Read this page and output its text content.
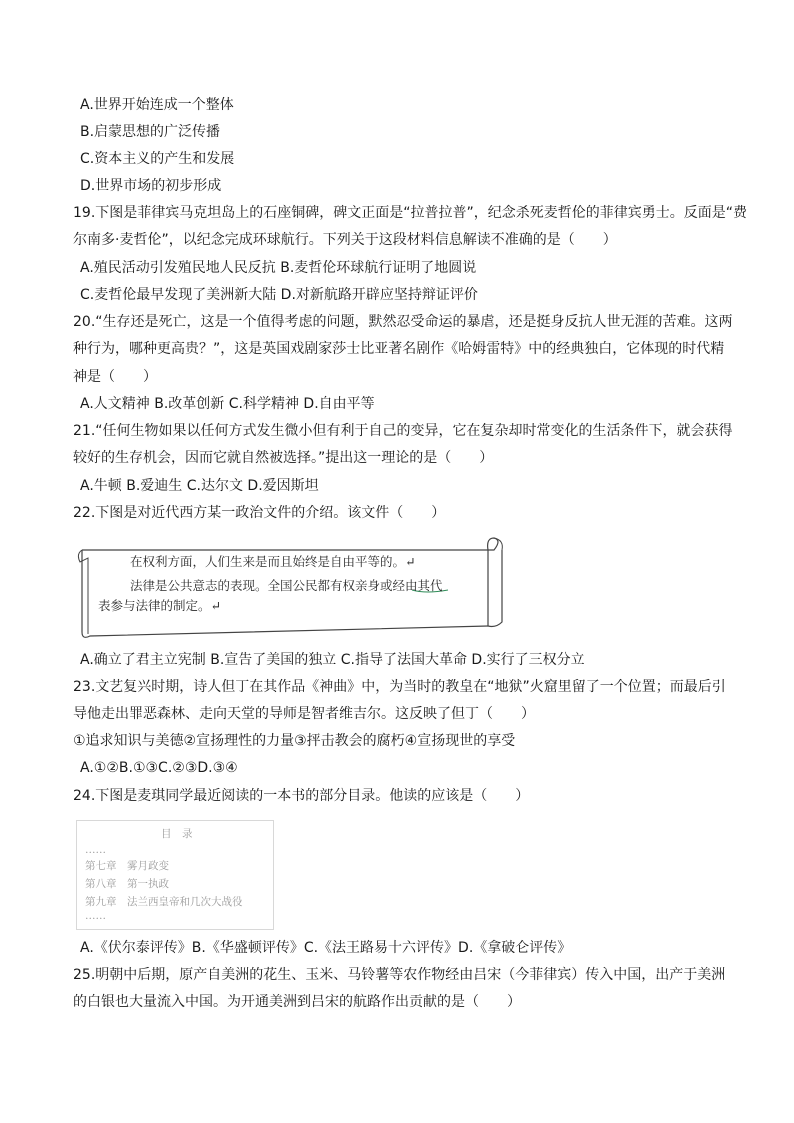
A.世界开始连成一个整体
B.启蒙思想的广泛传播
C.资本主义的产生和发展
D.世界市场的初步形成
19.下图是菲律宾马克坦岛上的石座铜碑，碑文正面是“拉普拉普”，纪念杀死麦哲伦的菲律宾勇士。反面是“费
尔南多·麦哲伦”，以纪念完成环球航行。下列关于这段材料信息解读不准确的是（　　）
A.殖民活动引发殖民地人民反抗 B.麦哲伦环球航行证明了地圆说
C.麦哲伦最早发现了美洲新大陆 D.对新航路开辟应坚持辩证评价
20.“生存还是死亡，这是一个值得考虑的问题，默然忍受命运的暴虐，还是挺身反抗人世无涯的苦难。这两
种行为，哪种更高贵？”，这是英国戏剧家莎士比亚著名剧作《哈姆雷特》中的经典独白，它体现的时代精
神是（　　）
A.人文精神 B.改革创新 C.科学精神 D.自由平等
21.“任何生物如果以任何方式发生微小但有利于自己的变异，它在复杂却时常变化的生活条件下，就会获得
较好的生存机会，因而它就自然被选择。”提出这一理论的是（　　）
A.牛顿 B.爱迪生 C.达尔文 D.爱因斯坦
22.下图是对近代西方某一政治文件的介绍。该文件（　　）
在权利方面，人们生来是而且始终是自由平等的。↵
法律是公共意志的表现。全国公民都有权亲身或经由其代
表参与法律的制定。↵
A.确立了君主立宪制 B.宣告了美国的独立 C.指导了法国大革命 D.实行了三权分立
23.文艺复兴时期，诗人但丁在其作品《神曲》中，为当时的教皇在“地狱”火窟里留了一个位置；而最后引
导他走出罪恶森林、走向天堂的导师是智者维吉尔。这反映了但丁（　　）
①追求知识与美德②宣扬理性的力量③抨击教会的腐朽④宣扬现世的享受
A.①②B.①③C.②③D.③④
24.下图是麦琪同学最近阅读的一本书的部分目录。他读的应该是（　　）
目　录
……
第七章　雾月政变
第八章　第一执政
第九章　法兰西皇帝和几次大战役
……
A.《伏尔泰评传》B.《华盛顿评传》C.《法王路易十六评传》D.《拿破仑评传》
25.明朝中后期，原产自美洲的花生、玉米、马铃薯等农作物经由吕宋（今菲律宾）传入中国，出产于美洲
的白银也大量流入中国。为开通美洲到吕宋的航路作出贡献的是（　　）
